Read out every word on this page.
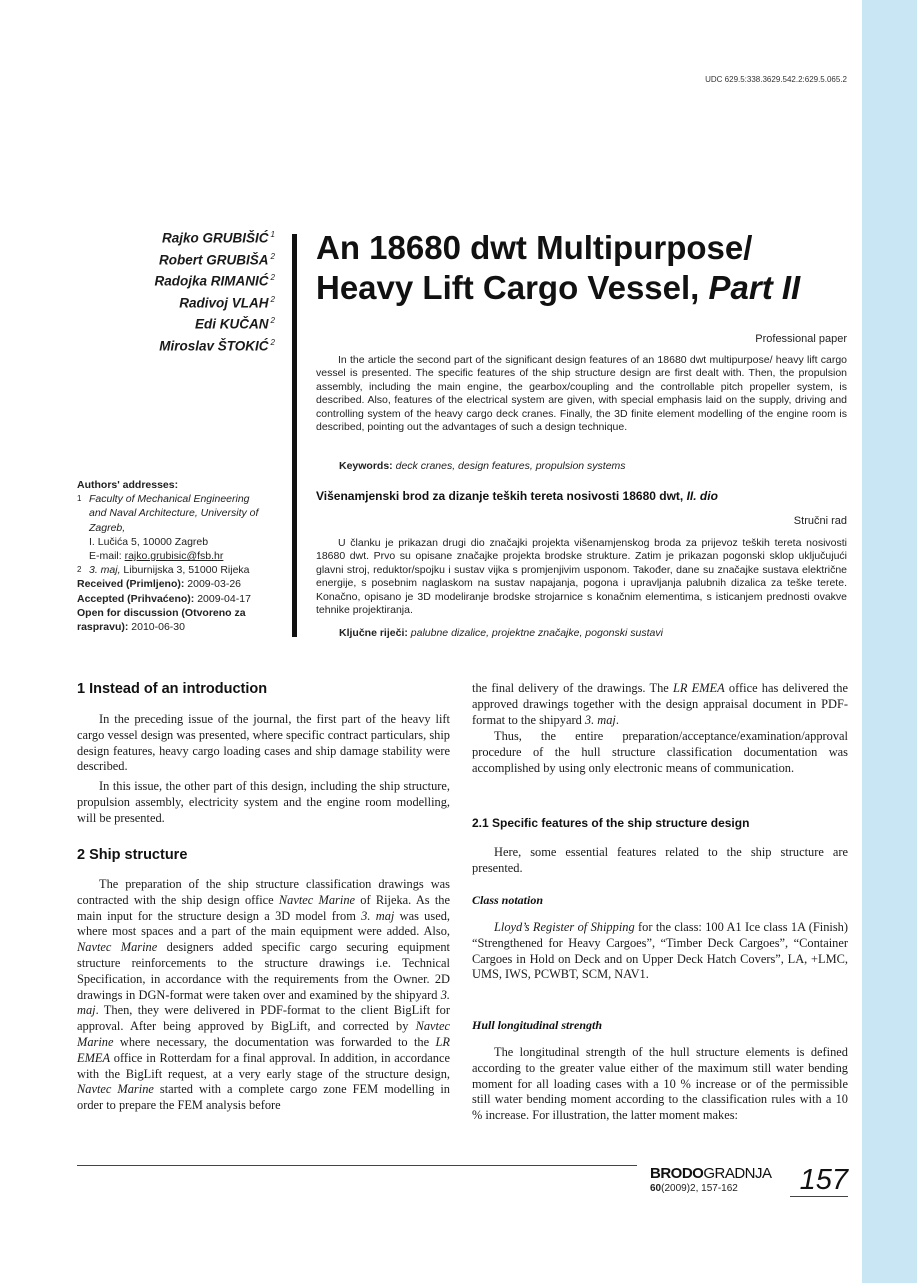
UDC 629.5:338.3629.542.2:629.5.065.2
Rajko GRUBIŠIĆ $^1$
Robert GRUBIŠA $^2$
Radojka RIMANIĆ $^2$
Radivoj VLAH $^2$
Edi KUČAN $^2$
Miroslav ŠTOKIĆ $^2$
An 18680 dwt Multipurpose/
Heavy Lift Cargo Vessel, Part II
Professional paper

In the article the second part of the significant design features of an 18680 dwt multipurpose/ heavy lift cargo vessel is presented. The specific features of the ship structure design are first dealt with. Then, the propulsion assembly, including the main engine, the gearbox/coupling and the controllable pitch propeller system, is described. Also, features of the electrical system are given, with special emphasis laid on the supply, driving and controlling system of the heavy cargo deck cranes. Finally, the 3D finite element modelling of the engine room is described, pointing out the advantages of such a design technique.

Keywords: deck cranes, design features, propulsion systems
Višenamjenski brod za dizanje teških tereta nosivosti 18680 dwt, II. dio
Stručni rad

U članku je prikazan drugi dio značajki projekta višenamjenskog broda za prijevoz teških tereta nosivosti 18680 dwt. Prvo su opisane značajke projekta brodske strukture. Zatim je prikazan pogonski sklop uključujući glavni stroj, reduktor/spojku i sustav vijka s promjenjivim usponom. Također, dane su značajke sustava električne energije, s posebnim naglaskom na sustav napajanja, pogona i upravljanja palubnih dizalica za teške terete. Konačno, opisano je 3D modeliranje brodske strojarnice s konačnim elementima, s isticanjem prednosti ovakve tehnike projektiranja.

Ključne riječi: palubne dizalice, projektne značajke, pogonski sustavi
Authors' addresses:
1 Faculty of Mechanical Engineering
and Naval Architecture, University of
Zagreb,
I. Lučića 5, 10000 Zagreb
E-mail: rajko.grubisic@fsb.hr
2 3. maj, Liburnijska 3, 51000 Rijeka
Received (Primljeno): 2009-03-26
Accepted (Prihvaćeno): 2009-04-17
Open for discussion (Otvoreno za raspravu): 2010-06-30
1 Instead of an introduction

In the preceding issue of the journal, the first part of the heavy lift cargo vessel design was presented, where specific contract particulars, ship design features, heavy cargo loading cases and ship damage stability were described.

In this issue, the other part of this design, including the ship structure, propulsion assembly, electricity system and the engine room modelling, will be presented.

2 Ship structure

The preparation of the ship structure classification drawings was contracted with the ship design office Navtec Marine of Rijeka. As the main input for the structure design a 3D model from 3. maj was used, where most spaces and a part of the main equipment were added. Also, Navtec Marine designers added specific cargo securing equipment structure reinforcements to the structure drawings i.e. Technical Specification, in accordance with the requirements from the Owner. 2D drawings in DGN-format were taken over and examined by the shipyard 3. maj. Then, they were delivered in PDF-format to the client BigLift for approval. After being approved by BigLift, and corrected by Navtec Marine where necessary, the documentation was forwarded to the LR EMEA office in Rotterdam for a final approval. In addition, in accordance with the BigLift request, at a very early stage of the structure design, Navtec Marine started with a complete cargo zone FEM modelling in order to prepare the FEM analysis before

the final delivery of the drawings. The LR EMEA office has delivered the approved drawings together with the design appraisal document in PDF-format to the shipyard 3. maj.

Thus, the entire preparation/acceptance/examination/approval procedure of the hull structure classification documentation was accomplished by using only electronic means of communication.

2.1 Specific features of the ship structure design

Here, some essential features related to the ship structure are presented.

Class notation

Lloyd’s Register of Shipping for the class: 100 A1 Ice class 1A (Finish) “Strengthened for Heavy Cargoes”, “Timber Deck Cargoes”, “Container Cargoes in Hold on Deck and on Upper Deck Hatch Covers”, LA, +LMC, UMS, IWS, PCWBT, SCM, NAV1.

Hull longitudinal strength

The longitudinal strength of the hull structure elements is defined according to the greater value either of the maximum still water bending moment for all loading cases with a 10 % increase or of the permissible still water bending moment according to the classification rules with a 10 % increase. For illustration, the latter moment makes:

BRODOGRADNJA
60(2009)2, 157-162	157
